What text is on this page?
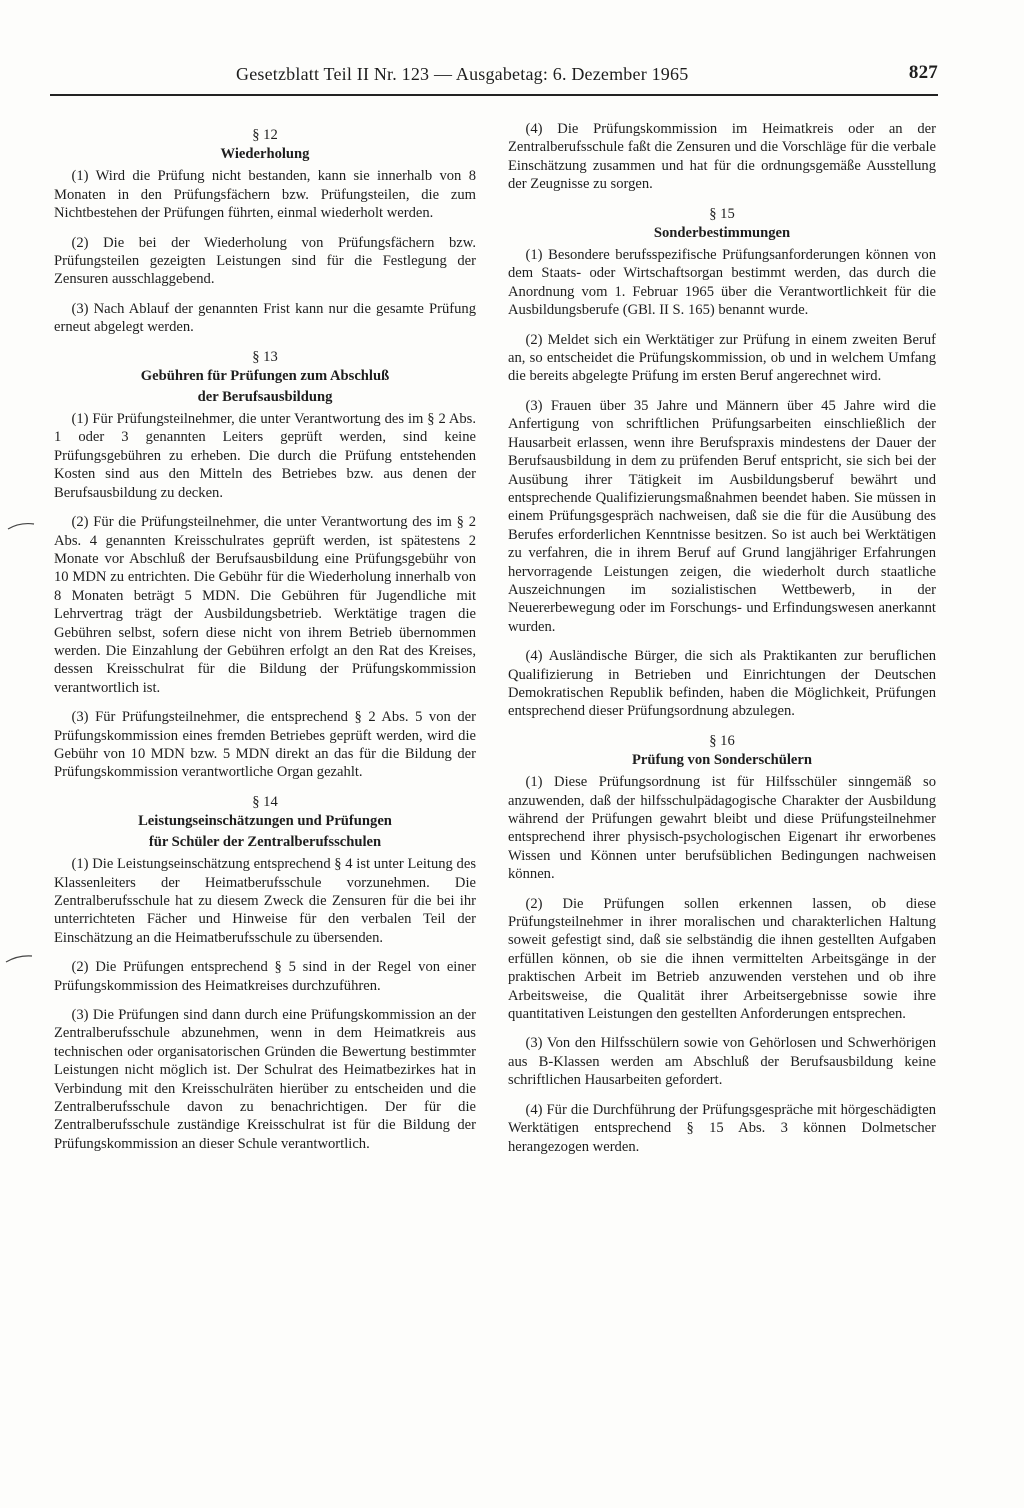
Gesetzblatt Teil II Nr. 123 — Ausgabetag: 6. Dezember 1965	827
§ 12
Wiederholung

(1) Wird die Prüfung nicht bestanden, kann sie innerhalb von 8 Monaten in den Prüfungsfächern bzw. Prüfungsteilen, die zum Nichtbestehen der Prüfungen führten, einmal wiederholt werden.

(2) Die bei der Wiederholung von Prüfungsfächern bzw. Prüfungsteilen gezeigten Leistungen sind für die Festlegung der Zensuren ausschlaggebend.

(3) Nach Ablauf der genannten Frist kann nur die gesamte Prüfung erneut abgelegt werden.

§ 13
Gebühren für Prüfungen zum Abschluß
der Berufsausbildung

(1) Für Prüfungsteilnehmer, die unter Verantwortung des im § 2 Abs. 1 oder 3 genannten Leiters geprüft werden, sind keine Prüfungsgebühren zu erheben. Die durch die Prüfung entstehenden Kosten sind aus den Mitteln des Betriebes bzw. aus denen der Berufsausbildung zu decken.

(2) Für die Prüfungsteilnehmer, die unter Verantwortung des im § 2 Abs. 4 genannten Kreisschulrates geprüft werden, ist spätestens 2 Monate vor Abschluß der Berufsausbildung eine Prüfungsgebühr von 10 MDN zu entrichten. Die Gebühr für die Wiederholung innerhalb von 8 Monaten beträgt 5 MDN. Die Gebühren für Jugendliche mit Lehrvertrag trägt der Ausbildungsbetrieb. Werktätige tragen die Gebühren selbst, sofern diese nicht von ihrem Betrieb übernommen werden. Die Einzahlung der Gebühren erfolgt an den Rat des Kreises, dessen Kreisschulrat für die Bildung der Prüfungskommission verantwortlich ist.

(3) Für Prüfungsteilnehmer, die entsprechend § 2 Abs. 5 von der Prüfungskommission eines fremden Betriebes geprüft werden, wird die Gebühr von 10 MDN bzw. 5 MDN direkt an das für die Bildung der Prüfungskommission verantwortliche Organ gezahlt.

§ 14
Leistungseinschätzungen und Prüfungen
für Schüler der Zentralberufsschulen

(1) Die Leistungseinschätzung entsprechend § 4 ist unter Leitung des Klassenleiters der Heimatberufsschule vorzunehmen. Die Zentralberufsschule hat zu diesem Zweck die Zensuren für die bei ihr unterrichteten Fächer und Hinweise für den verbalen Teil der Einschätzung an die Heimatberufsschule zu übersenden.

(2) Die Prüfungen entsprechend § 5 sind in der Regel von einer Prüfungskommission des Heimatkreises durchzuführen.

(3) Die Prüfungen sind dann durch eine Prüfungskommission an der Zentralberufsschule abzunehmen, wenn in dem Heimatkreis aus technischen oder organisatorischen Gründen die Bewertung bestimmter Leistungen nicht möglich ist. Der Schulrat des Heimatbezirkes hat in Verbindung mit den Kreisschulräten hierüber zu entscheiden und die Zentralberufsschule davon zu benachrichtigen. Der für die Zentralberufsschule zuständige Kreisschulrat ist für die Bildung der Prüfungskommission an dieser Schule verantwortlich.

(4) Die Prüfungskommission im Heimatkreis oder an der Zentralberufsschule faßt die Zensuren und die Vorschläge für die verbale Einschätzung zusammen und hat für die ordnungsgemäße Ausstellung der Zeugnisse zu sorgen.

§ 15
Sonderbestimmungen

(1) Besondere berufsspezifische Prüfungsanforderungen können von dem Staats- oder Wirtschaftsorgan bestimmt werden, das durch die Anordnung vom 1. Februar 1965 über die Verantwortlichkeit für die Ausbildungsberufe (GBl. II S. 165) benannt wurde.

(2) Meldet sich ein Werktätiger zur Prüfung in einem zweiten Beruf an, so entscheidet die Prüfungskommission, ob und in welchem Umfang die bereits abgelegte Prüfung im ersten Beruf angerechnet wird.

(3) Frauen über 35 Jahre und Männern über 45 Jahre wird die Anfertigung von schriftlichen Prüfungsarbeiten einschließlich der Hausarbeit erlassen, wenn ihre Berufspraxis mindestens der Dauer der Berufsausbildung in dem zu prüfenden Beruf entspricht, sie sich bei der Ausübung ihrer Tätigkeit im Ausbildungsberuf bewährt und entsprechende Qualifizierungsmaßnahmen beendet haben. Sie müssen in einem Prüfungsgespräch nachweisen, daß sie die für die Ausübung des Berufes erforderlichen Kenntnisse besitzen. So ist auch bei Werktätigen zu verfahren, die in ihrem Beruf auf Grund langjähriger Erfahrungen hervorragende Leistungen zeigen, die wiederholt durch staatliche Auszeichnungen im sozialistischen Wettbewerb, in der Neuererbewegung oder im Forschungs- und Erfindungswesen anerkannt wurden.

(4) Ausländische Bürger, die sich als Praktikanten zur beruflichen Qualifizierung in Betrieben und Einrichtungen der Deutschen Demokratischen Republik befinden, haben die Möglichkeit, Prüfungen entsprechend dieser Prüfungsordnung abzulegen.

§ 16
Prüfung von Sonderschülern

(1) Diese Prüfungsordnung ist für Hilfsschüler sinngemäß so anzuwenden, daß der hilfsschulpädagogische Charakter der Ausbildung während der Prüfungen gewahrt bleibt und diese Prüfungsteilnehmer entsprechend ihrer physisch-psychologischen Eigenart ihr erworbenes Wissen und Können unter berufsüblichen Bedingungen nachweisen können.

(2) Die Prüfungen sollen erkennen lassen, ob diese Prüfungsteilnehmer in ihrer moralischen und charakterlichen Haltung soweit gefestigt sind, daß sie selbständig die ihnen gestellten Aufgaben erfüllen können, ob sie die ihnen vermittelten Arbeitsgänge in der praktischen Arbeit im Betrieb anzuwenden verstehen und ob ihre Arbeitsweise, die Qualität ihrer Arbeitsergebnisse sowie ihre quantitativen Leistungen den gestellten Anforderungen entsprechen.

(3) Von den Hilfsschülern sowie von Gehörlosen und Schwerhörigen aus B-Klassen werden am Abschluß der Berufsausbildung keine schriftlichen Hausarbeiten gefordert.

(4) Für die Durchführung der Prüfungsgespräche mit hörgeschädigten Werktätigen entsprechend § 15 Abs. 3 können Dolmetscher herangezogen werden.
